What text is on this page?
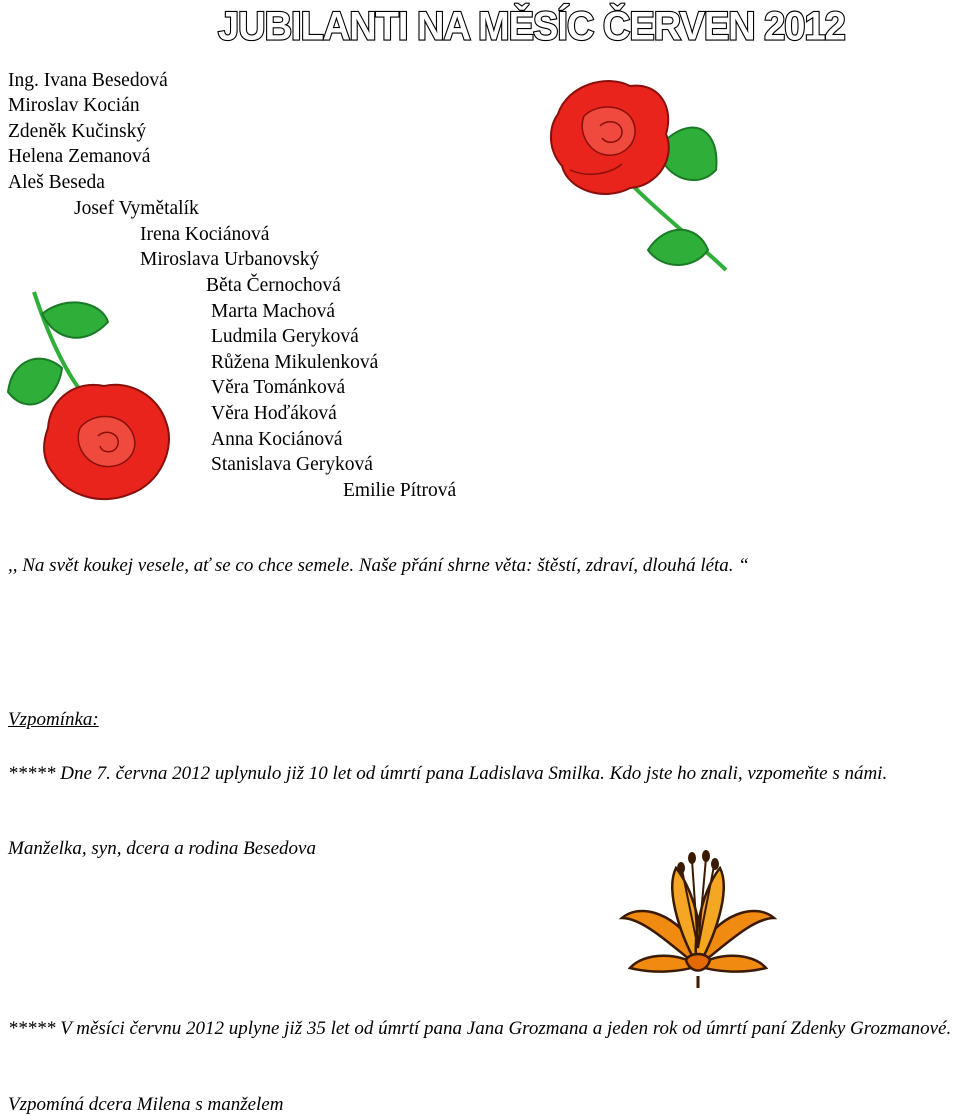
JUBILANTI NA MĚSÍC ČERVEN 2012
Ing. Ivana Besedová
Miroslav Kocián
Zdeněk Kučinský
Helena Zemanová
Aleš Beseda
Josef Vymětalík
Irena Kociánová
Miroslava Urbanovský
Běta Černochová
Marta Machová
Ludmila Geryková
Růžena Mikulenková
Věra Tománková
Věra Hoďáková
Anna Kociánová
Stanislava Geryková
Emilie Pítrová
,, Na svět koukej vesele, ať se co chce semele. Naše přání shrne věta: štěstí, zdraví, dlouhá léta. “
Vzpomínka:
***** Dne 7. června 2012 uplynulo již 10 let od úmrtí pana Ladislava Smilka. Kdo jste ho znali, vzpomeňte s námi.
Manželka, syn, dcera a rodina Besedova
***** V měsíci červnu 2012 uplyne již 35 let od úmrtí pana Jana Grozmana a jeden rok od úmrtí paní Zdenky Grozmanové.
Vzpomíná dcera Milena s manželem
